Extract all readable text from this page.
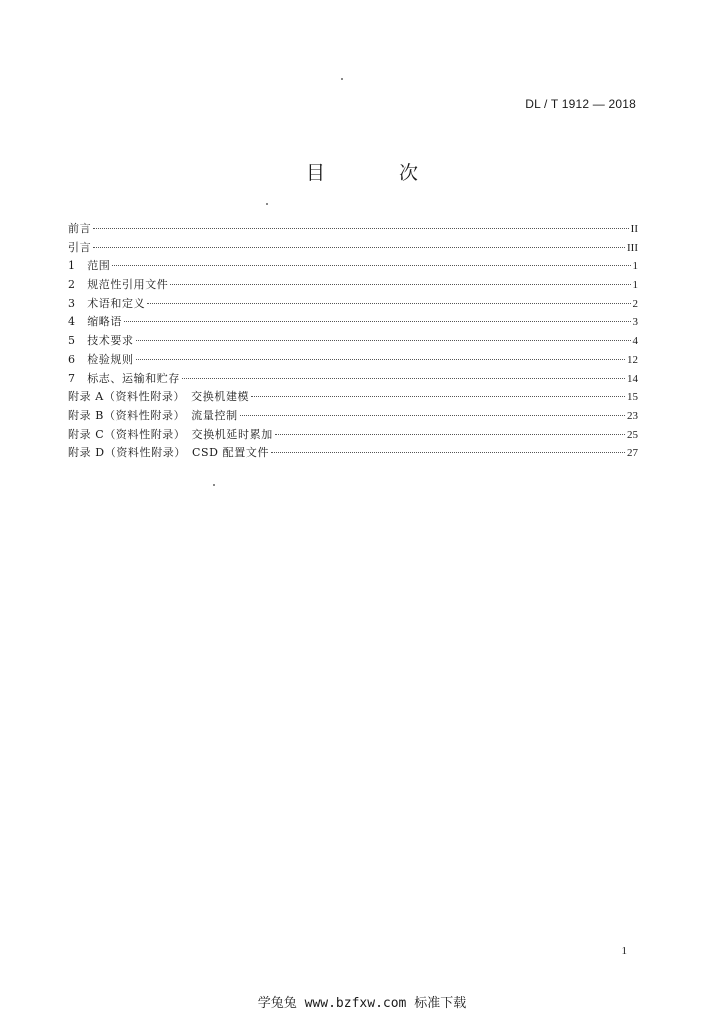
DL / T 1912 — 2018
目 次
前言	II
引言	III
1　范围	1
2　规范性引用文件	1
3　术语和定义	2
4　缩略语	3
5　技术要求	4
6　检验规则	12
7　标志、运输和贮存	14
附录 A（资料性附录）　交换机建模	15
附录 B（资料性附录）　流量控制	23
附录 C（资料性附录）　交换机延时累加	25
附录 D（资料性附录）　CSD 配置文件	27
1
学兔兔 www.bzfxw.com 标准下载
